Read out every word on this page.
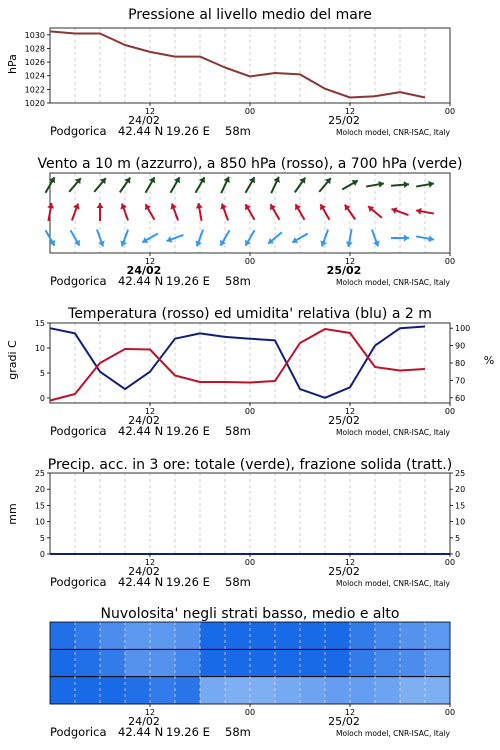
Pressione al livello medio del mare
hPa
1020
1022
1024
1026
1028
1030
12	00	12	00
24/02	25/02
Podgorica 42.44 N 19.26 E 58m	Moloch model, CNR-ISAC, Italy
Vento a 10 m (azzurro), a 850 hPa (rosso), a 700 hPa (verde)
12	00	12	00
24/02	25/02
Podgorica 42.44 N 19.26 E 58m	Moloch model, CNR-ISAC, Italy
Temperatura (rosso) ed umidita' relativa (blu) a 2 m
gradi C	%
0
5
10
15
60
70
80
90
100
12	00	12	00
24/02	25/02
Podgorica 42.44 N 19.26 E 58m	Moloch model, CNR-ISAC, Italy
Precip. acc. in 3 ore: totale (verde), frazione solida (tratt.)
mm
0
5
10
15
20
25
0
5
10
15
20
25
12	00	12	00
24/02	25/02
Podgorica 42.44 N 19.26 E 58m	Moloch model, CNR-ISAC, Italy
Nuvolosita' negli strati basso, medio e alto
12	00	12	00
24/02	25/02
Podgorica 42.44 N 19.26 E 58m	Moloch model, CNR-ISAC, Italy
